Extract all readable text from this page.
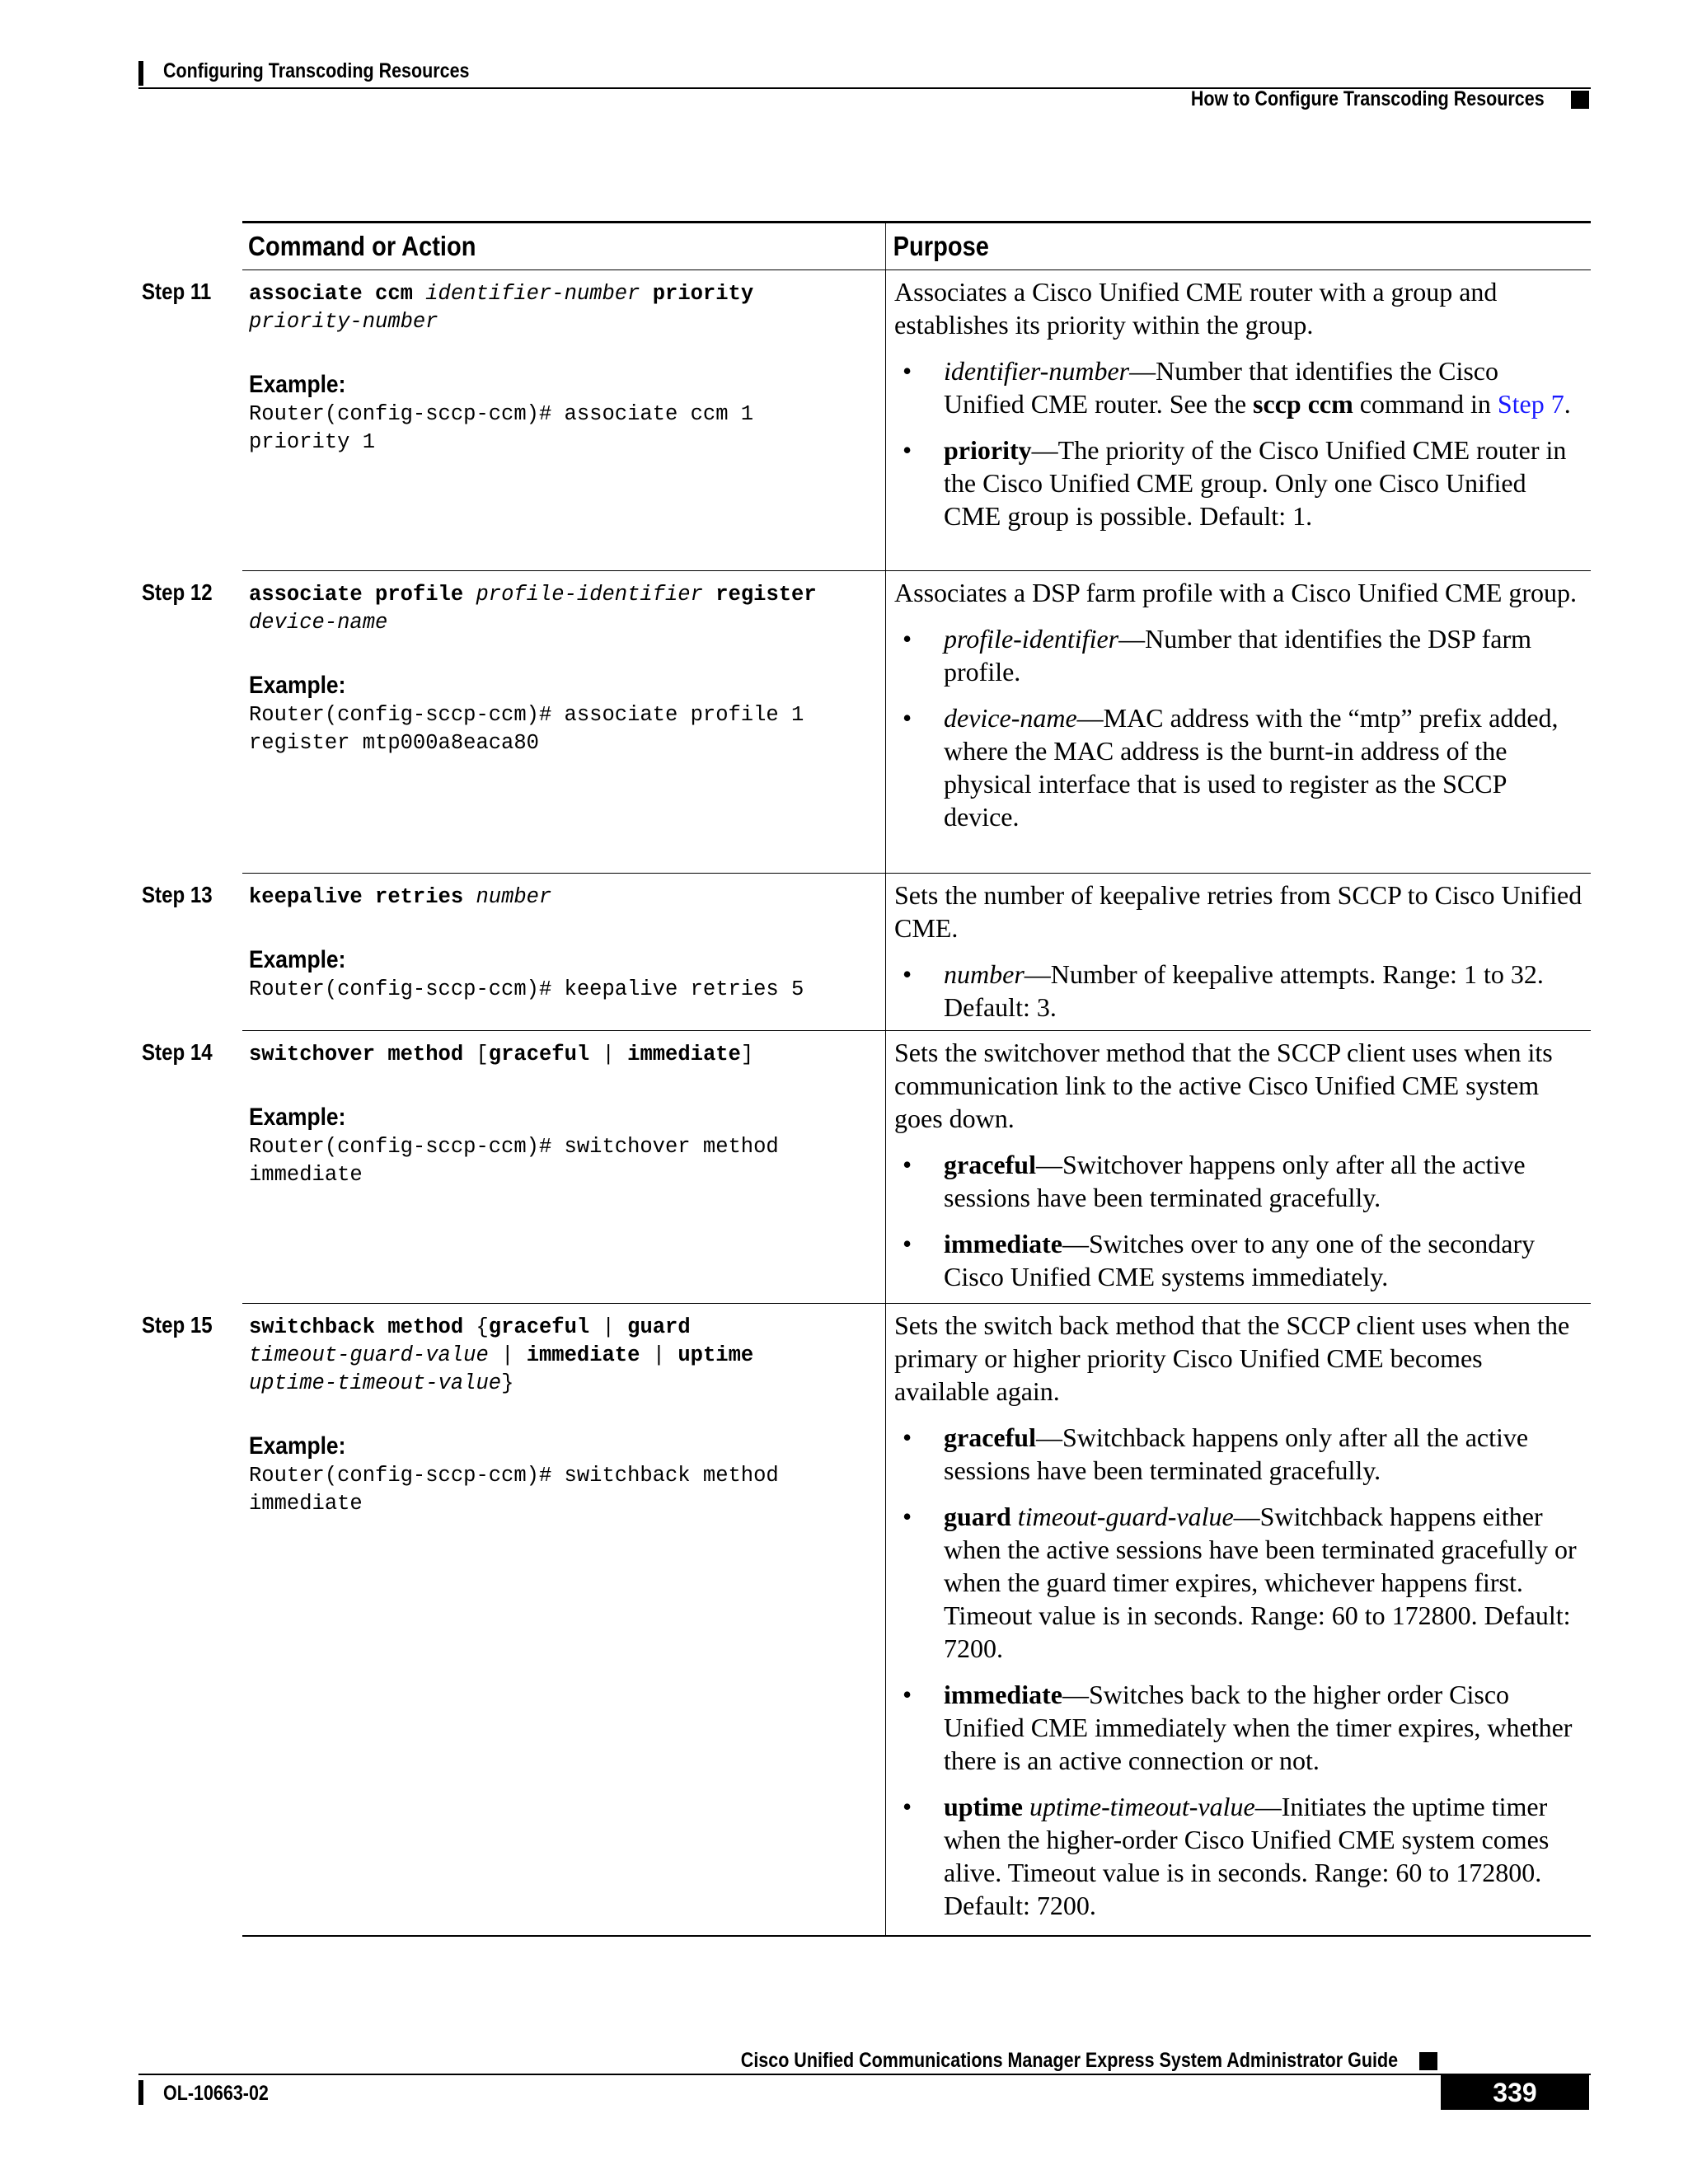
Configuring Transcoding Resources
How to Configure Transcoding Resources
Command or Action	Purpose
Step 11 associate ccm identifier-number priority
priority-number
Example:
Router(config-sccp-ccm)# associate ccm 1
priority 1

Associates a Cisco Unified CME router with a group and establishes its priority within the group.

• identifier-number—Number that identifies the Cisco Unified CME router. See the sccp ccm command in Step 7.
• priority—The priority of the Cisco Unified CME router in the Cisco Unified CME group. Only one Cisco Unified CME group is possible. Default: 1.
Step 12 associate profile profile-identifier register
device-name
Example:
Router(config-sccp-ccm)# associate profile 1
register mtp000a8eaca80

Associates a DSP farm profile with a Cisco Unified CME group.

• profile-identifier—Number that identifies the DSP farm profile.
• device-name—MAC address with the “mtp” prefix added, where the MAC address is the burnt-in address of the physical interface that is used to register as the SCCP device.
Step 13 keepalive retries number
Example:
Router(config-sccp-ccm)# keepalive retries 5

Sets the number of keepalive retries from SCCP to Cisco Unified CME.

• number—Number of keepalive attempts. Range: 1 to 32. Default: 3.
Step 14 switchover method [graceful | immediate]
Example:
Router(config-sccp-ccm)# switchover method
immediate

Sets the switchover method that the SCCP client uses when its communication link to the active Cisco Unified CME system goes down.

• graceful—Switchover happens only after all the active sessions have been terminated gracefully.
• immediate—Switches over to any one of the secondary Cisco Unified CME systems immediately.
Step 15 switchback method {graceful | guard
timeout-guard-value | immediate | uptime
uptime-timeout-value}
Example:
Router(config-sccp-ccm)# switchback method
immediate

Sets the switch back method that the SCCP client uses when the primary or higher priority Cisco Unified CME becomes available again.

• graceful—Switchback happens only after all the active sessions have been terminated gracefully.
• guard timeout-guard-value—Switchback happens either when the active sessions have been terminated gracefully or when the guard timer expires, whichever happens first. Timeout value is in seconds. Range: 60 to 172800. Default: 7200.
• immediate—Switches back to the higher order Cisco Unified CME immediately when the timer expires, whether there is an active connection or not.
• uptime uptime-timeout-value—Initiates the uptime timer when the higher-order Cisco Unified CME system comes alive. Timeout value is in seconds. Range: 60 to 172800. Default: 7200.
Cisco Unified Communications Manager Express System Administrator Guide
OL-10663-02	339
